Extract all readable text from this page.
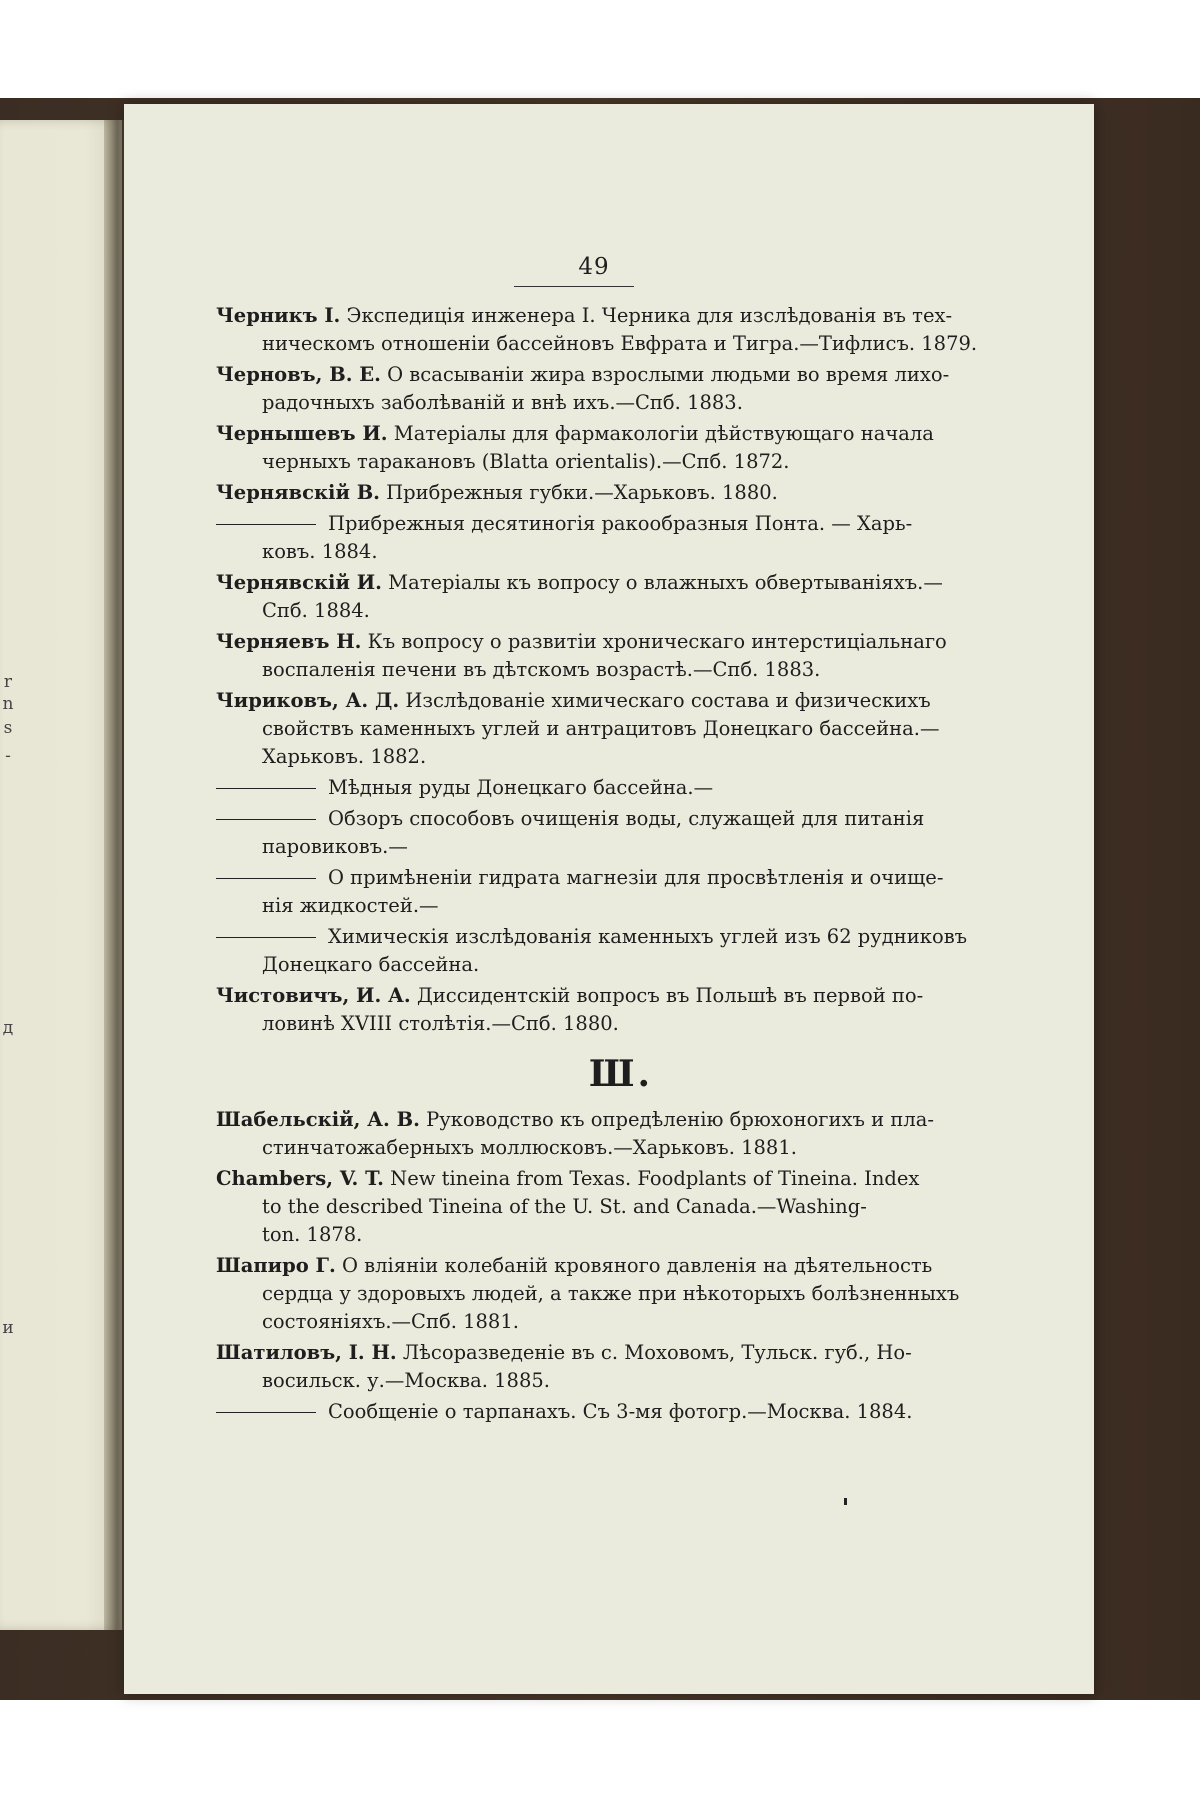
r
n
s
-
д
и
49
Черникъ I. Экспедиція инженера I. Черника для изслѣдованія въ тех-
ническомъ отношеніи бассейновъ Евфрата и Тигра.—Тифлисъ. 1879.
Черновъ, В. Е. О всасываніи жира взрослыми людьми во время лихо-
радочныхъ заболѣваній и внѣ ихъ.—Спб. 1883.
Чернышевъ И. Матеріалы для фармакологіи дѣйствующаго начала
черныхъ таракановъ (Blatta orientalis).—Спб. 1872.
Чернявскій В. Прибрежныя губки.—Харьковъ. 1880.
Прибрежныя десятиногія ракообразныя Понта. — Харь-
ковъ. 1884.
Чернявскій И. Матеріалы къ вопросу о влажныхъ обвертываніяхъ.—
Спб. 1884.
Черняевъ Н. Къ вопросу о развитіи хроническаго интерстиціальнаго
воспаленія печени въ дѣтскомъ возрастѣ.—Спб. 1883.
Чириковъ, А. Д. Изслѣдованіе химическаго состава и физическихъ
свойствъ каменныхъ углей и антрацитовъ Донецкаго бассейна.—
Харьковъ. 1882.
Мѣдныя руды Донецкаго бассейна.—
Обзоръ способовъ очищенія воды, служащей для питанія
паровиковъ.—
О примѣненіи гидрата магнезіи для просвѣтленія и очище-
нія жидкостей.—
Химическія изслѣдованія каменныхъ углей изъ 62 рудниковъ
Донецкаго бассейна.
Чистовичъ, И. А. Диссидентскій вопросъ въ Польшѣ въ первой по-
ловинѣ XVIII столѣтія.—Спб. 1880.
Ш.
Шабельскій, А. В. Руководство къ опредѣленію брюхоногихъ и пла-
стинчатожаберныхъ моллюсковъ.—Харьковъ. 1881.
Chambers, V. T. New tineina from Texas. Foodplants of Tineina. Index
to the described Tineina of the U. St. and Canada.—Washing-
ton. 1878.
Шапиро Г. О вліяніи колебаній кровяного давленія на дѣятельность
сердца у здоровыхъ людей, а также при нѣкоторыхъ болѣзненныхъ
состояніяхъ.—Спб. 1881.
Шатиловъ, I. Н. Лѣсоразведеніе въ с. Моховомъ, Тульск. губ., Но-
восильск. у.—Москва. 1885.
Сообщеніе о тарпанахъ. Съ 3-мя фотогр.—Москва. 1884.
